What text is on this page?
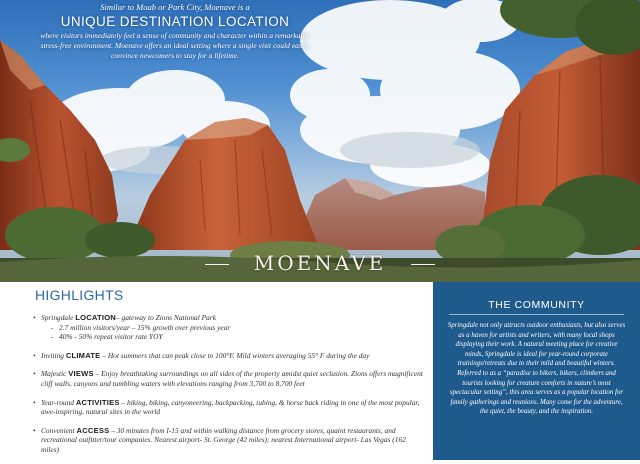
Similar to Moab or Park City, Moenave is a
UNIQUE DESTINATION LOCATION
where visitors immediately feel a sense of community and character within a remarkably stress-free environment. Moenave offers an ideal setting where a single visit could easily convince newcomers to stay for a lifetime.
MOENAVE
HIGHLIGHTS
• Springdale LOCATION– gateway to Zions National Park
- 2.7 million visitors/year – 15% growth over previous year
- 40% - 50% repeat visitor rate YOY
• Inviting CLIMATE – Hot summers that can peak close to 100°F. Mild winters averaging 55° F during the day
• Majestic VIEWS – Enjoy breathtaking surroundings on all sides of the property amidst quiet seclusion. Zions offers magnificent cliff walls, canyons and tumbling waters with elevations ranging from 3,700 to 8,700 feet
• Year-round ACTIVITIES – hiking, biking, canyoneering, backpacking, tubing, & horse back riding in one of the most popular, awe-inspiring, natural sites in the world
• Convenient ACCESS – 30 minutes from I-15 and within walking distance from grocery stores, quaint restaurants, and recreational outfitter/tour companies. Nearest airport- St. George (42 miles); nearest International airport- Las Vegas (162 miles)
THE COMMUNITY
Springdale not only attracts outdoor enthusiasts, but also serves as a haven for artists and writers, with many local shops displaying their work. A natural meeting place for creative minds, Springdale is ideal for year-round corporate trainings/retreats due to their mild and beautiful winters. Referred to as a “paradise to hikers, bikers, climbers and tourists looking for creature comforts in nature’s most spectacular setting”, this area serves as a popular location for family gatherings and reunions. Many come for the adventure, the quiet, the beauty, and the inspiration.
